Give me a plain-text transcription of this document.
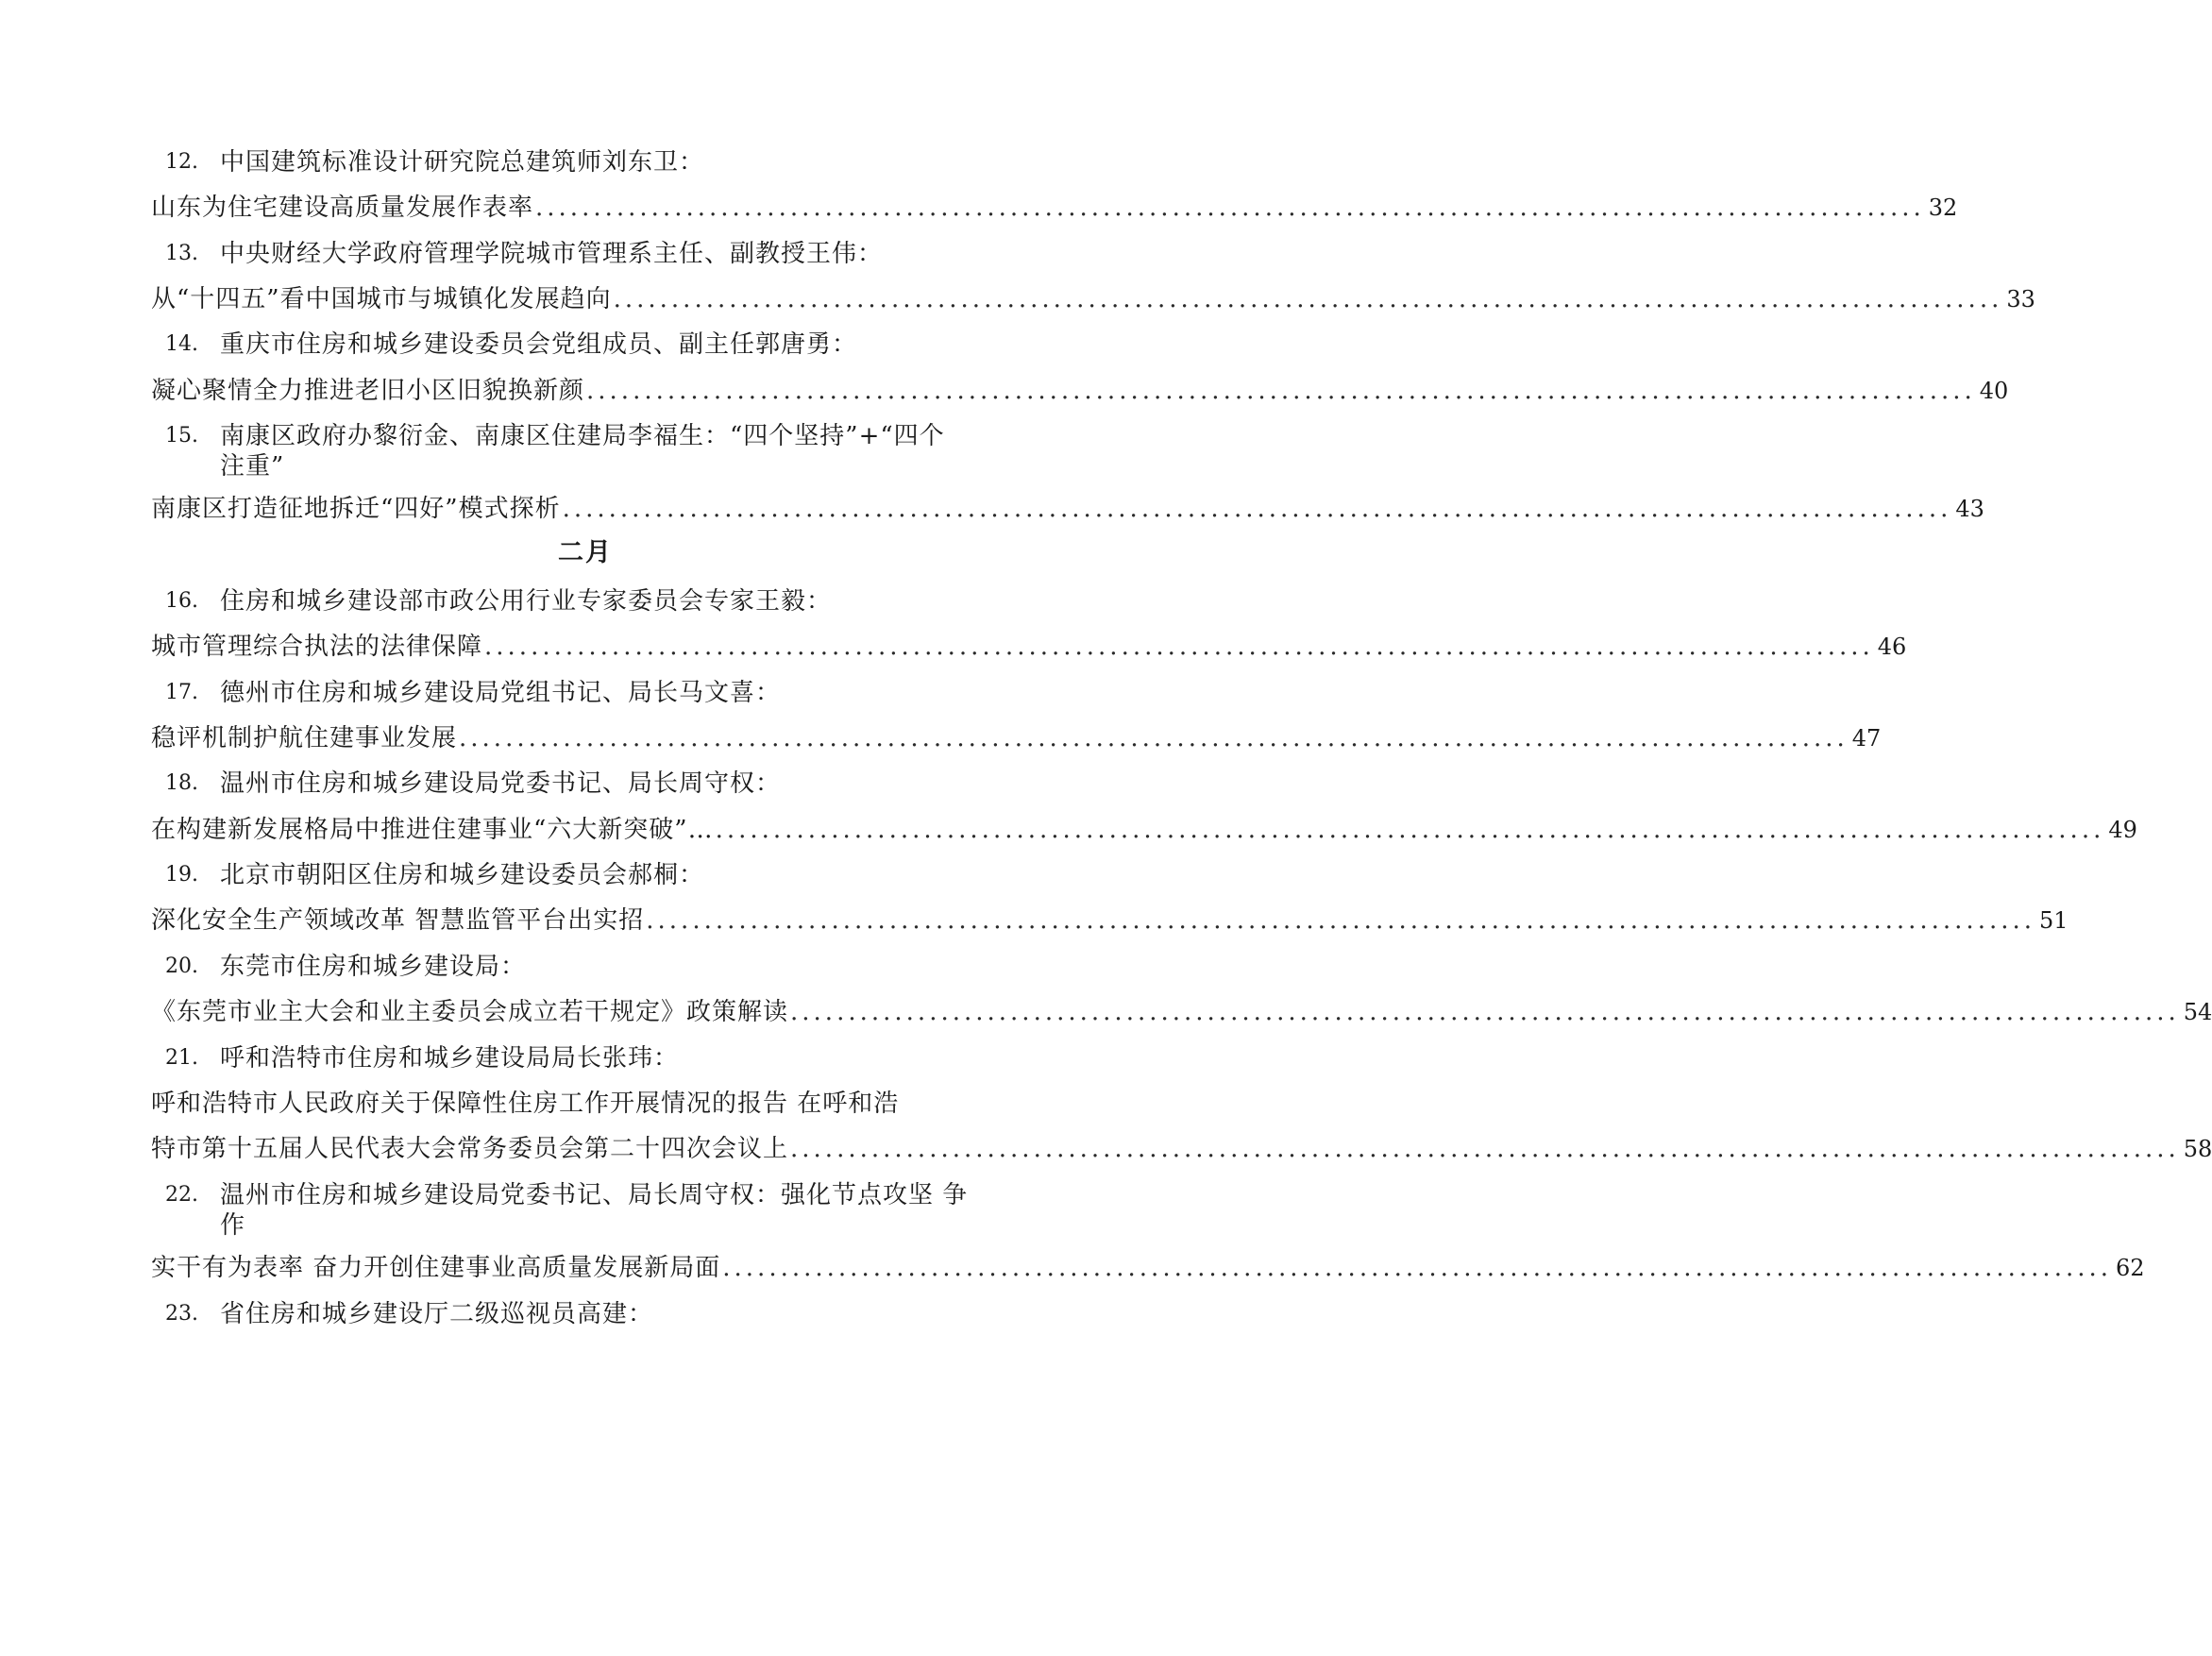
12. 中国建筑标准设计研究院总建筑师刘东卫：
山东为住宅建设高质量发展作表率 ........................................................................................................................ 32
13. 中央财经大学政府管理学院城市管理系主任、副教授王伟：
从“十四五”看中国城市与城镇化发展趋向 ........................................................................................................................ 33
14. 重庆市住房和城乡建设委员会党组成员、副主任郭唐勇：
凝心聚情全力推进老旧小区旧貌换新颜 ........................................................................................................................ 40
15. 南康区政府办黎衍金、南康区住建局李福生：“四个坚持”+“四个
注重”
南康区打造征地拆迁“四好”模式探析 ........................................................................................................................ 43
二月
16. 住房和城乡建设部市政公用行业专家委员会专家王毅：
城市管理综合执法的法律保障 ........................................................................................................................ 46
17. 德州市住房和城乡建设局党组书记、局长马文喜：
稳评机制护航住建事业发展 ........................................................................................................................ 47
18. 温州市住房和城乡建设局党委书记、局长周守权：
在构建新发展格局中推进住建事业“六大新突破”… ........................................................................................................................ 49
19. 北京市朝阳区住房和城乡建设委员会郝桐：
深化安全生产领域改革 智慧监管平台出实招 ........................................................................................................................ 51
20. 东莞市住房和城乡建设局：
《东莞市业主大会和业主委员会成立若干规定》政策解读 ........................................................................................................................ 54
21. 呼和浩特市住房和城乡建设局局长张玮：
呼和浩特市人民政府关于保障性住房工作开展情况的报告 在呼和浩
特市第十五届人民代表大会常务委员会第二十四次会议上 ........................................................................................................................ 58
22. 温州市住房和城乡建设局党委书记、局长周守权：强化节点攻坚 争
作
实干有为表率 奋力开创住建事业高质量发展新局面 ........................................................................................................................ 62
23. 省住房和城乡建设厅二级巡视员高建：
